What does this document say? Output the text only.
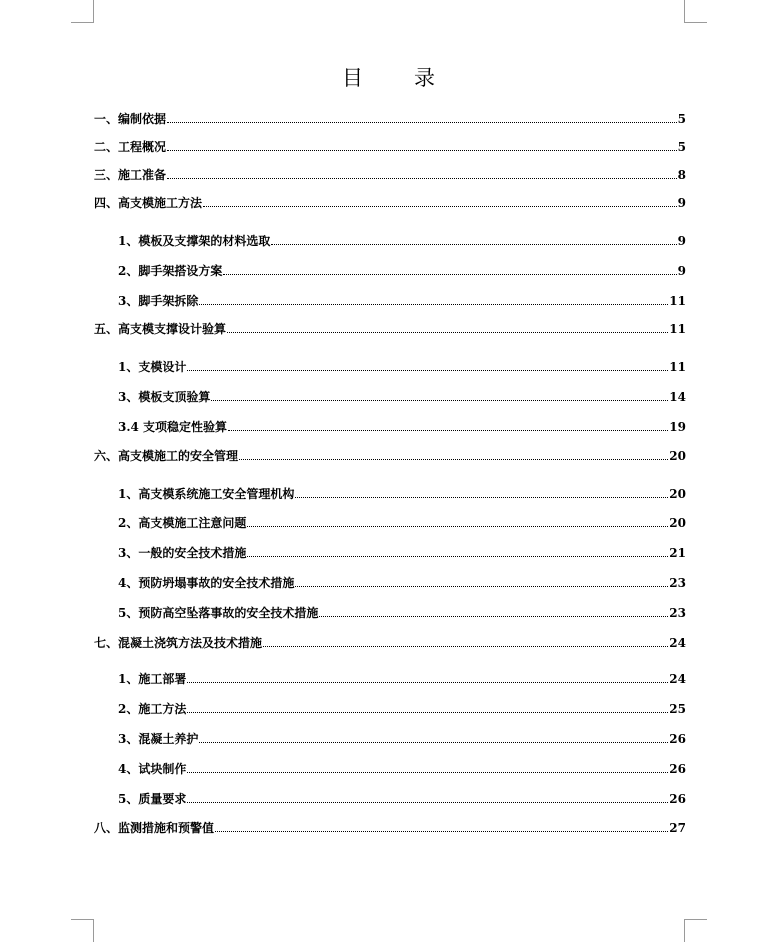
目 录
一、编制依据	5
二、工程概况	5
三、施工准备	8
四、高支模施工方法	9
1、模板及支撑架的材料选取	9
2、脚手架搭设方案	9
3、脚手架拆除	11
五、高支模支撑设计验算	11
1、支模设计	11
3、模板支顶验算	14
3.4 支项稳定性验算	19
六、高支模施工的安全管理	20
1、高支模系统施工安全管理机构	20
2、高支模施工注意问题	20
3、一般的安全技术措施	21
4、预防坍塌事故的安全技术措施	23
5、预防高空坠落事故的安全技术措施	23
七、混凝土浇筑方法及技术措施	24
1、施工部署	24
2、施工方法	25
3、混凝土养护	26
4、试块制作	26
5、质量要求	26
八、监测措施和预警值	27
